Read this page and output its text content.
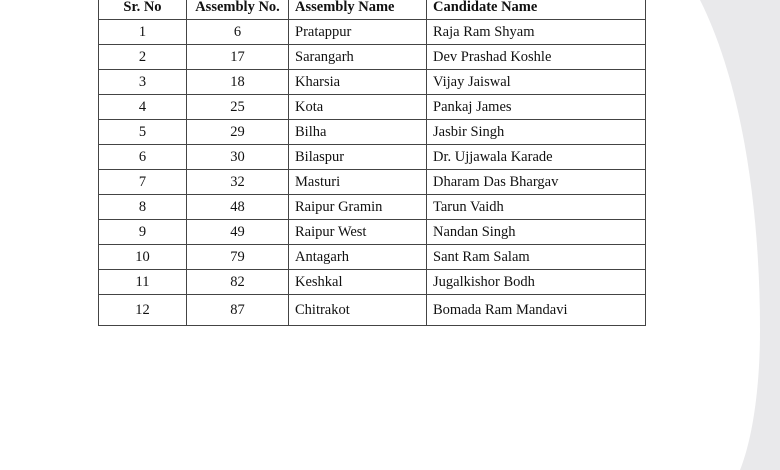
Sr. No	Assembly No.	Assembly Name	Candidate Name
1	6	Pratappur	Raja Ram Shyam
2	17	Sarangarh	Dev Prashad Koshle
3	18	Kharsia	Vijay Jaiswal
4	25	Kota	Pankaj James
5	29	Bilha	Jasbir Singh
6	30	Bilaspur	Dr. Ujjawala Karade
7	32	Masturi	Dharam Das Bhargav
8	48	Raipur Gramin	Tarun Vaidh
9	49	Raipur West	Nandan Singh
10	79	Antagarh	Sant Ram Salam
11	82	Keshkal	Jugalkishor Bodh
12	87	Chitrakot	Bomada Ram Mandavi
